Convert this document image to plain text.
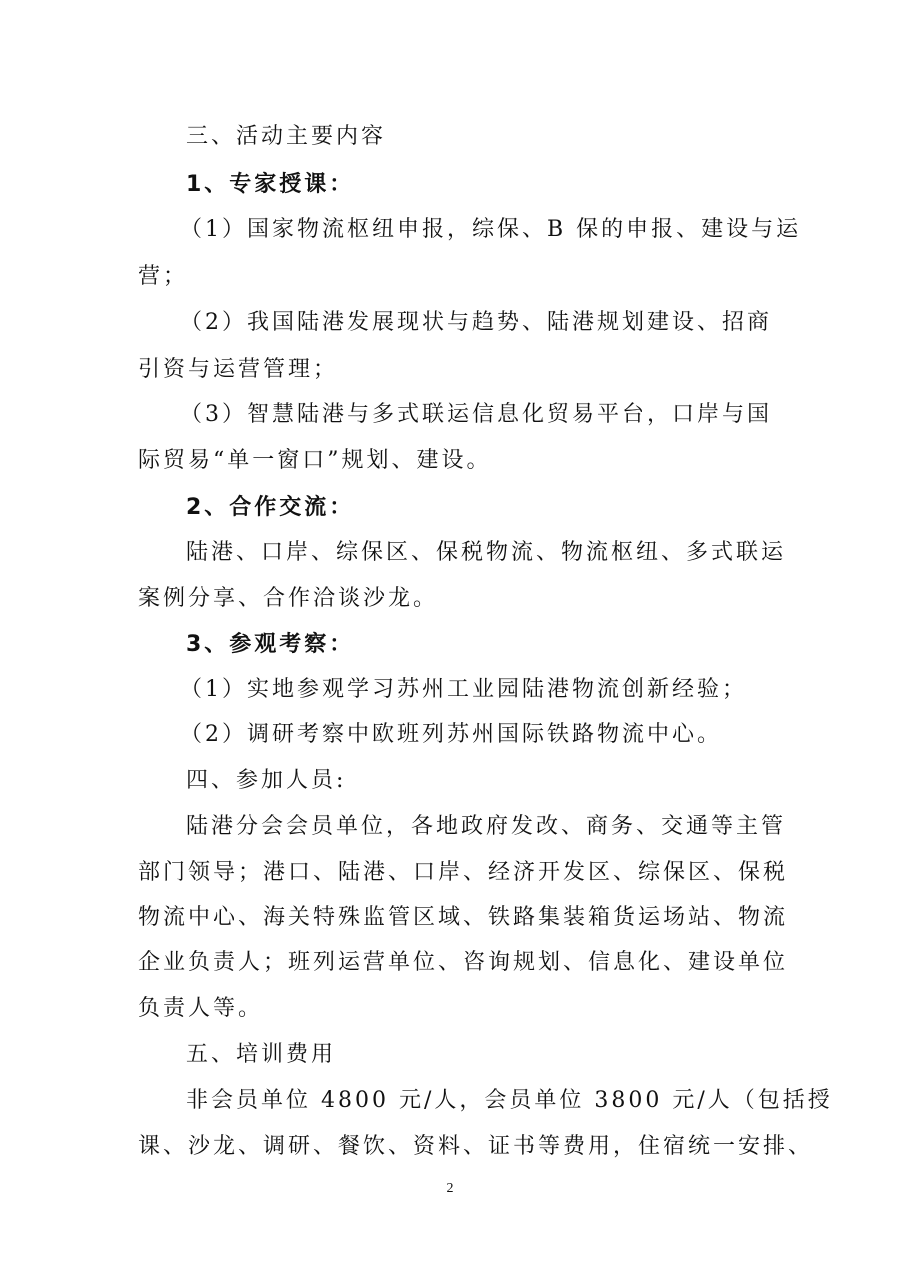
三、活动主要内容
1、专家授课：
（1）国家物流枢纽申报，综保、B 保的申报、建设与运
营；
（2）我国陆港发展现状与趋势、陆港规划建设、招商
引资与运营管理；
（3）智慧陆港与多式联运信息化贸易平台，口岸与国
际贸易“单一窗口”规划、建设。
2、合作交流：
陆港、口岸、综保区、保税物流、物流枢纽、多式联运
案例分享、合作洽谈沙龙。
3、参观考察：
（1）实地参观学习苏州工业园陆港物流创新经验；
（2）调研考察中欧班列苏州国际铁路物流中心。
四、参加人员:
陆港分会会员单位，各地政府发改、商务、交通等主管
部门领导；港口、陆港、口岸、经济开发区、综保区、保税
物流中心、海关特殊监管区域、铁路集装箱货运场站、物流
企业负责人；班列运营单位、咨询规划、信息化、建设单位
负责人等。
五、培训费用
非会员单位 4800 元/人，会员单位 3800 元/人（包括授
课、沙龙、调研、餐饮、资料、证书等费用，住宿统一安排、
2
